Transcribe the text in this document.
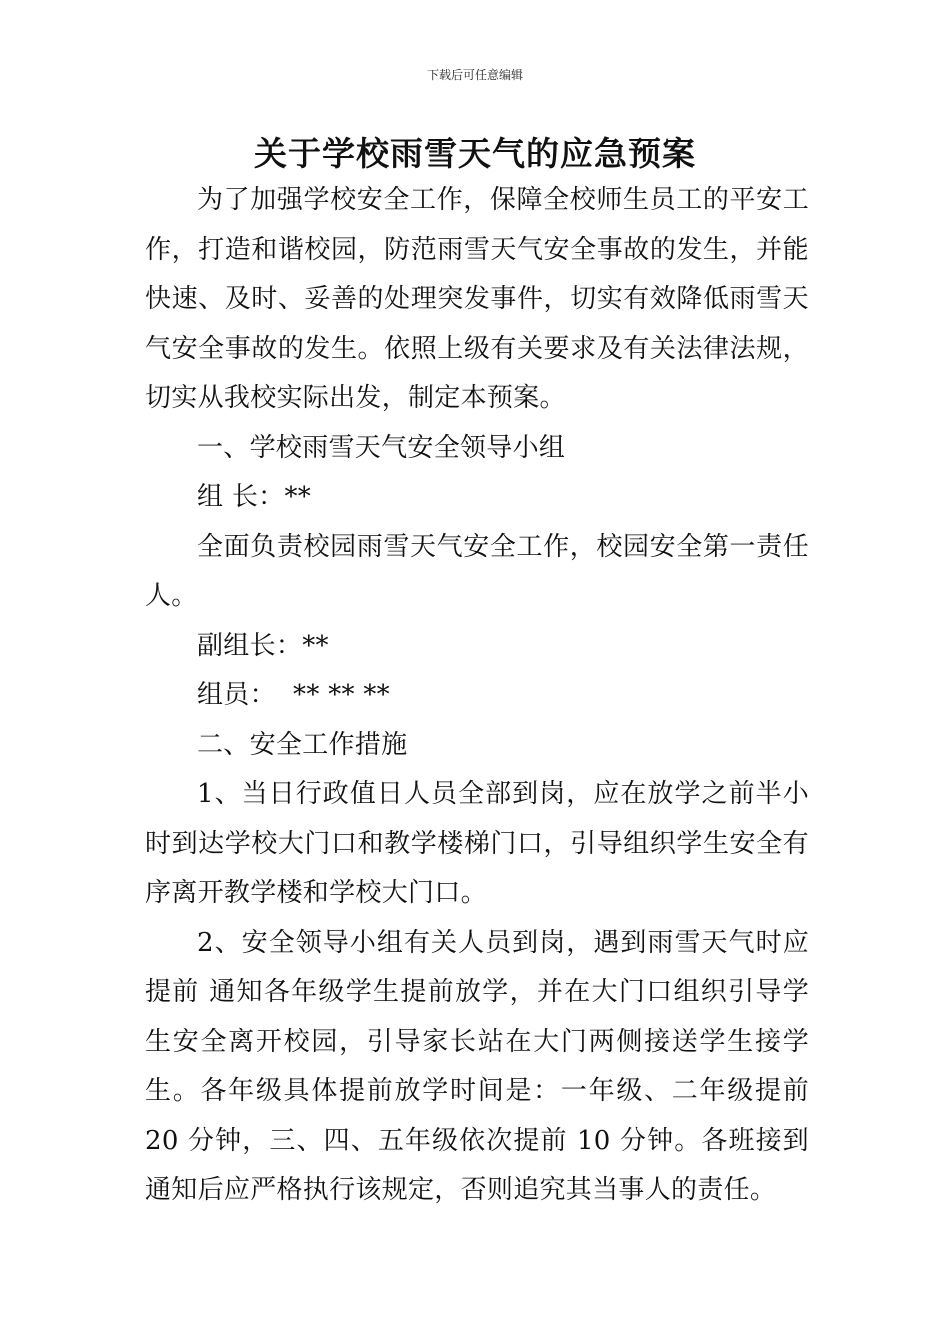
下载后可任意编辑
关于学校雨雪天气的应急预案

为了加强学校安全工作，保障全校师生员工的平安工作，打造和谐校园，防范雨雪天气安全事故的发生，并能快速、及时、妥善的处理突发事件，切实有效降低雨雪天气安全事故的发生。依照上级有关要求及有关法律法规，切实从我校实际出发，制定本预案。

一、学校雨雪天气安全领导小组

组 长：**

全面负责校园雨雪天气安全工作，校园安全第一责任人。

副组长：**

组员：  ** ** **

二、安全工作措施

1、当日行政值日人员全部到岗，应在放学之前半小时到达学校大门口和教学楼梯门口，引导组织学生安全有序离开教学楼和学校大门口。

2、安全领导小组有关人员到岗，遇到雨雪天气时应提前 通知各年级学生提前放学，并在大门口组织引导学生安全离开校园，引导家长站在大门两侧接送学生接学生。各年级具体提前放学时间是：一年级、二年级提前 20 分钟，三、四、五年级依次提前 10 分钟。各班接到通知后应严格执行该规定，否则追究其当事人的责任。
